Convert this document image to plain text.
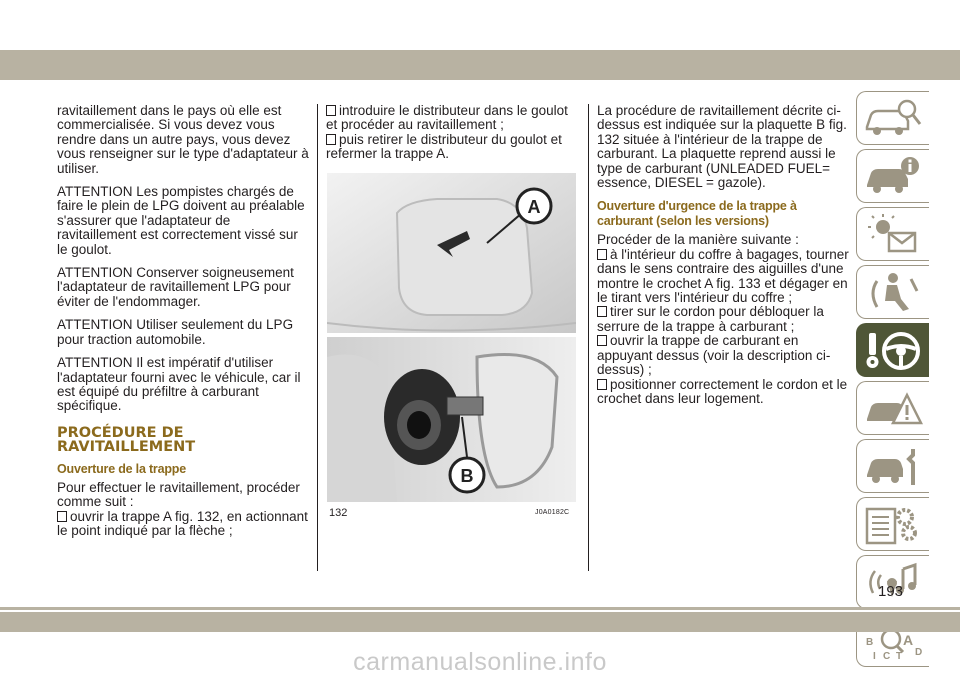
ravitaillement dans le pays où elle est commercialisée. Si vous devez vous rendre dans un autre pays, vous devez vous renseigner sur le type d'adaptateur à utiliser.

ATTENTION Les pompistes chargés de faire le plein de LPG doivent au préalable s'assurer que l'adaptateur de ravitaillement est correctement vissé sur le goulot.

ATTENTION Conserver soigneusement l'adaptateur de ravitaillement LPG pour éviter de l'endommager.

ATTENTION Utiliser seulement du LPG pour traction automobile.

ATTENTION Il est impératif d'utiliser l'adaptateur fourni avec le véhicule, car il est équipé du préfiltre à carburant spécifique.

PROCÉDURE DE RAVITAILLEMENT
Ouverture de la trappe

Pour effectuer le ravitaillement, procéder comme suit :

ouvrir la trappe A fig. 132, en actionnant le point indiqué par la flèche ;
introduire le distributeur dans le goulot et procéder au ravitaillement ;
puis retirer le distributeur du goulot et refermer la trappe A.
A
B
132	J0A0182C

La procédure de ravitaillement décrite ci-dessus est indiquée sur la plaquette B fig. 132 située à l'intérieur de la trappe de carburant. La plaquette reprend aussi le type de carburant (UNLEADED FUEL= essence, DIESEL = gazole).

Ouverture d'urgence de la trappe à carburant (selon les versions)

Procéder de la manière suivante :

à l'intérieur du coffre à bagages, tourner dans le sens contraire des aiguilles d'une montre le crochet A fig. 133 et dégager en le tirant vers l'intérieur du coffre ;
tirer sur le cordon pour débloquer la serrure de la trappe à carburant ;
ouvrir la trappe de carburant en appuyant dessus (voir la description ci-dessus) ;
positionner correctement le cordon et le crochet dans leur logement.
A
B
C D
I T
193
carmanualsonline.info
